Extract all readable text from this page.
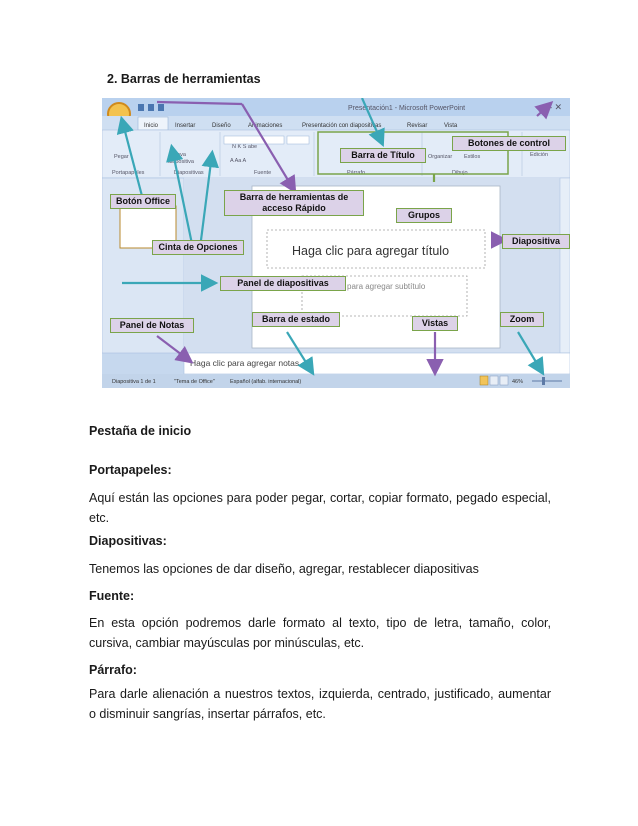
2. Barras de herramientas
Presentación1 - Microsoft PowerPoint	– ✕
Inicio	Insertar	Diseño	Animaciones	Presentación con diapositivas	Revisar	Vista
Pegar	Nueva
diapositiva
N K S abe
A Aa A
Organizar Estilos	Edición
Portapapeles	Diapositivas	Fuente	Párrafo	Dibujo
Haga clic para agregar título
para agregar subtítulo
Haga clic para agregar notas
Diapositiva 1 de 1	"Tema de Office"	Español (alfab. internacional)	46%
Botón Office	Barra de herramientas de acceso Rápido
Barra de Título
Botones de control
Grupos
Cinta de Opciones
Diapositiva
Panel de diapositivas
Panel de Notas
Barra de estado	Vistas	Zoom
Pestaña de inicio
Portapapeles:
Aquí están las opciones para poder pegar, cortar, copiar formato, pegado especial, etc.
Diapositivas:
Tenemos las opciones de dar diseño, agregar, restablecer diapositivas
Fuente:
En esta opción podremos darle formato al texto, tipo de letra, tamaño, color, cursiva, cambiar mayúsculas por minúsculas, etc.
Párrafo:
Para darle alienación a nuestros textos, izquierda, centrado, justificado, aumentar o disminuir sangrías, insertar párrafos, etc.
